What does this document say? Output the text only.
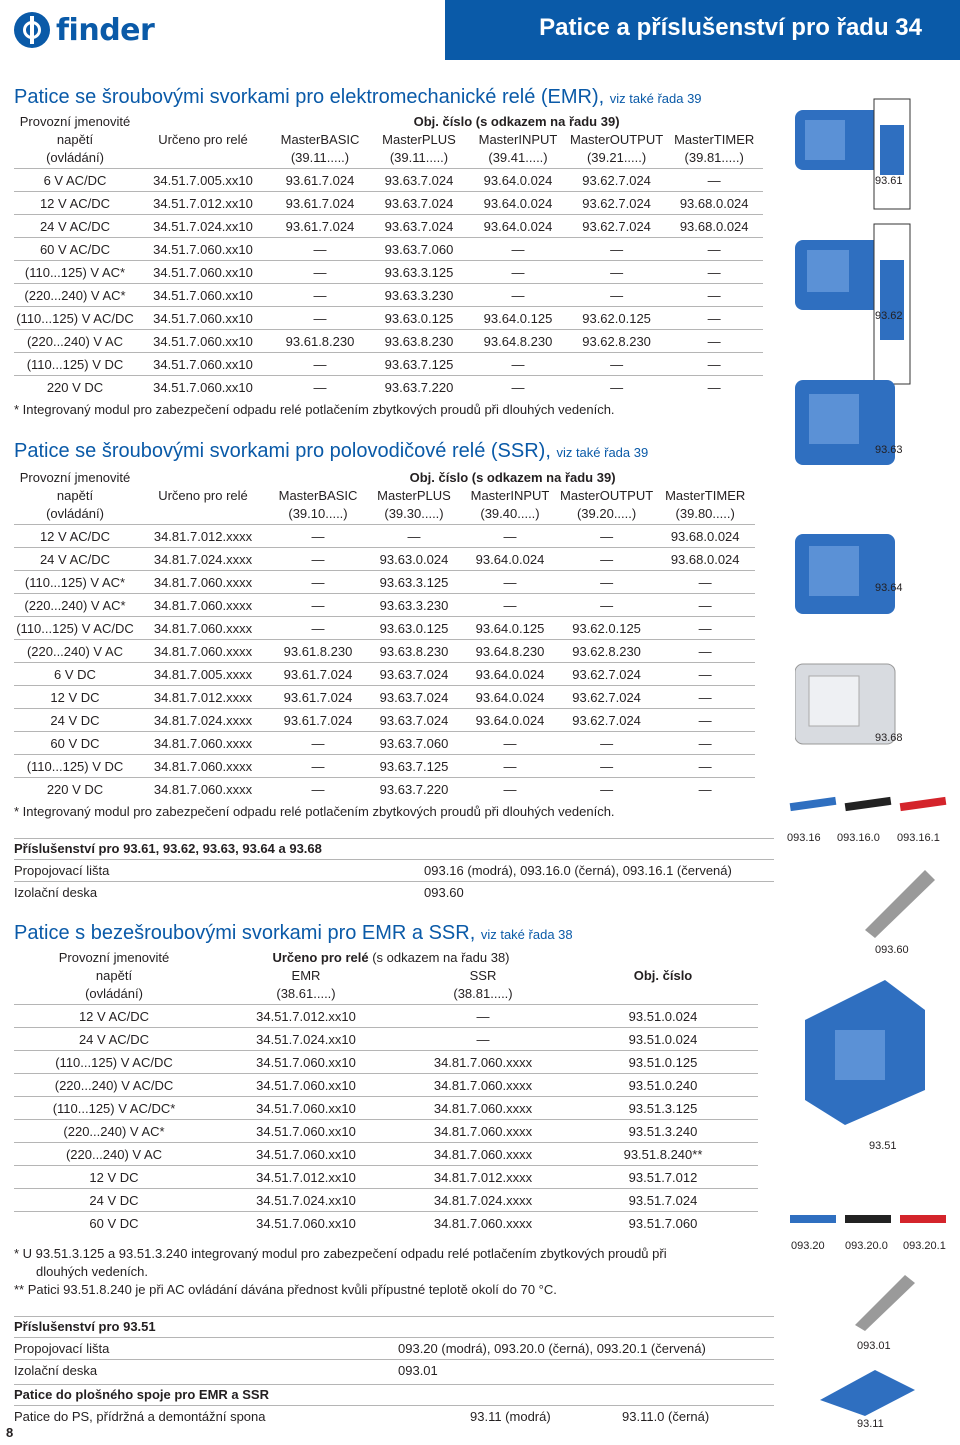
finder	Patice a příslušenství pro řadu 34
Patice se šroubovými svorkami pro elektromechanické relé (EMR), viz také řada 39
Provozní jmenovité		Obj. číslo (s odkazem na řadu 39)				
napětí	Určeno pro relé	MasterBASIC	MasterPLUS	MasterINPUT	MasterOUTPUT	MasterTIMER
(ovládání)		(39.11.....)	(39.11.....)	(39.41.....)	(39.21.....)	(39.81.....)
6 V AC/DC	34.51.7.005.xx10	93.61.7.024	93.63.7.024	93.64.0.024	93.62.7.024	—
12 V AC/DC	34.51.7.012.xx10	93.61.7.024	93.63.7.024	93.64.0.024	93.62.7.024	93.68.0.024
24 V AC/DC	34.51.7.024.xx10	93.61.7.024	93.63.7.024	93.64.0.024	93.62.7.024	93.68.0.024
60 V AC/DC	34.51.7.060.xx10	—	93.63.7.060	—	—	—
(110...125) V AC*	34.51.7.060.xx10	—	93.63.3.125	—	—	—
(220...240) V AC*	34.51.7.060.xx10	—	93.63.3.230	—	—	—
(110...125) V AC/DC	34.51.7.060.xx10	—	93.63.0.125	93.64.0.125	93.62.0.125	—
(220...240) V AC	34.51.7.060.xx10	93.61.8.230	93.63.8.230	93.64.8.230	93.62.8.230	—
(110...125) V DC	34.51.7.060.xx10	—	93.63.7.125	—	—	—
220 V DC	34.51.7.060.xx10	—	93.63.7.220	—	—	—
* Integrovaný modul pro zabezpečení odpadu relé potlačením zbytkových proudů při dlouhých vedeních.
Patice se šroubovými svorkami pro polovodičové relé (SSR), viz také řada 39
Provozní jmenovité		Obj. číslo (s odkazem na řadu 39)				
napětí	Určeno pro relé	MasterBASIC	MasterPLUS	MasterINPUT	MasterOUTPUT	MasterTIMER
(ovládání)		(39.10.....)	(39.30.....)	(39.40.....)	(39.20.....)	(39.80.....)
12 V AC/DC	34.81.7.012.xxxx	—	—	—	—	93.68.0.024
24 V AC/DC	34.81.7.024.xxxx	—	93.63.0.024	93.64.0.024	—	93.68.0.024
(110...125) V AC*	34.81.7.060.xxxx	—	93.63.3.125	—	—	—
(220...240) V AC*	34.81.7.060.xxxx	—	93.63.3.230	—	—	—
(110...125) V AC/DC	34.81.7.060.xxxx	—	93.63.0.125	93.64.0.125	93.62.0.125	—
(220...240) V AC	34.81.7.060.xxxx	93.61.8.230	93.63.8.230	93.64.8.230	93.62.8.230	—
6 V DC	34.81.7.005.xxxx	93.61.7.024	93.63.7.024	93.64.0.024	93.62.7.024	—
12 V DC	34.81.7.012.xxxx	93.61.7.024	93.63.7.024	93.64.0.024	93.62.7.024	—
24 V DC	34.81.7.024.xxxx	93.61.7.024	93.63.7.024	93.64.0.024	93.62.7.024	—
60 V DC	34.81.7.060.xxxx	—	93.63.7.060	—	—	—
(110...125) V DC	34.81.7.060.xxxx	—	93.63.7.125	—	—	—
220 V DC	34.81.7.060.xxxx	—	93.63.7.220	—	—	—
* Integrovaný modul pro zabezpečení odpadu relé potlačením zbytkových proudů při dlouhých vedeních.
Příslušenství pro 93.61, 93.62, 93.63, 93.64 a 93.68
Propojovací lišta	093.16 (modrá), 093.16.0 (černá), 093.16.1 (červená)
Izolační deska	093.60
Patice s bezešroubovými svorkami pro EMR a SSR, viz také řada 38
Provozní jmenovité	Určeno pro relé (s odkazem na řadu 38)		
napětí	EMR	SSR	Obj. číslo
(ovládání)	(38.61.....)	(38.81.....)	
12 V AC/DC	34.51.7.012.xx10	—	93.51.0.024
24 V AC/DC	34.51.7.024.xx10	—	93.51.0.024
(110...125) V AC/DC	34.51.7.060.xx10	34.81.7.060.xxxx	93.51.0.125
(220...240) V AC/DC	34.51.7.060.xx10	34.81.7.060.xxxx	93.51.0.240
(110...125) V AC/DC*	34.51.7.060.xx10	34.81.7.060.xxxx	93.51.3.125
(220...240) V AC*	34.51.7.060.xx10	34.81.7.060.xxxx	93.51.3.240
(220...240) V AC	34.51.7.060.xx10	34.81.7.060.xxxx	93.51.8.240**
12 V DC	34.51.7.012.xx10	34.81.7.012.xxxx	93.51.7.012
24 V DC	34.51.7.024.xx10	34.81.7.024.xxxx	93.51.7.024
60 V DC	34.51.7.060.xx10	34.81.7.060.xxxx	93.51.7.060
* U 93.51.3.125 a 93.51.3.240 integrovaný modul pro zabezpečení odpadu relé potlačením zbytkových proudů při
dlouhých vedeních.
** Patici 93.51.8.240 je při AC ovládání dávána přednost kvůli přípustné teplotě okolí do 70 °C.
Příslušenství pro 93.51
Propojovací lišta	093.20 (modrá), 093.20.0 (černá), 093.20.1 (červená)
Izolační deska	093.01
Patice do plošného spoje pro EMR a SSR
Patice do PS, přídržná a demontážní spona	93.11 (modrá)	93.11.0 (černá)
8
93.61
93.62
93.63
93.64
93.68
093.16 093.16.0 093.16.1
093.60
93.51
093.20 093.20.0 093.20.1
093.01
93.11
